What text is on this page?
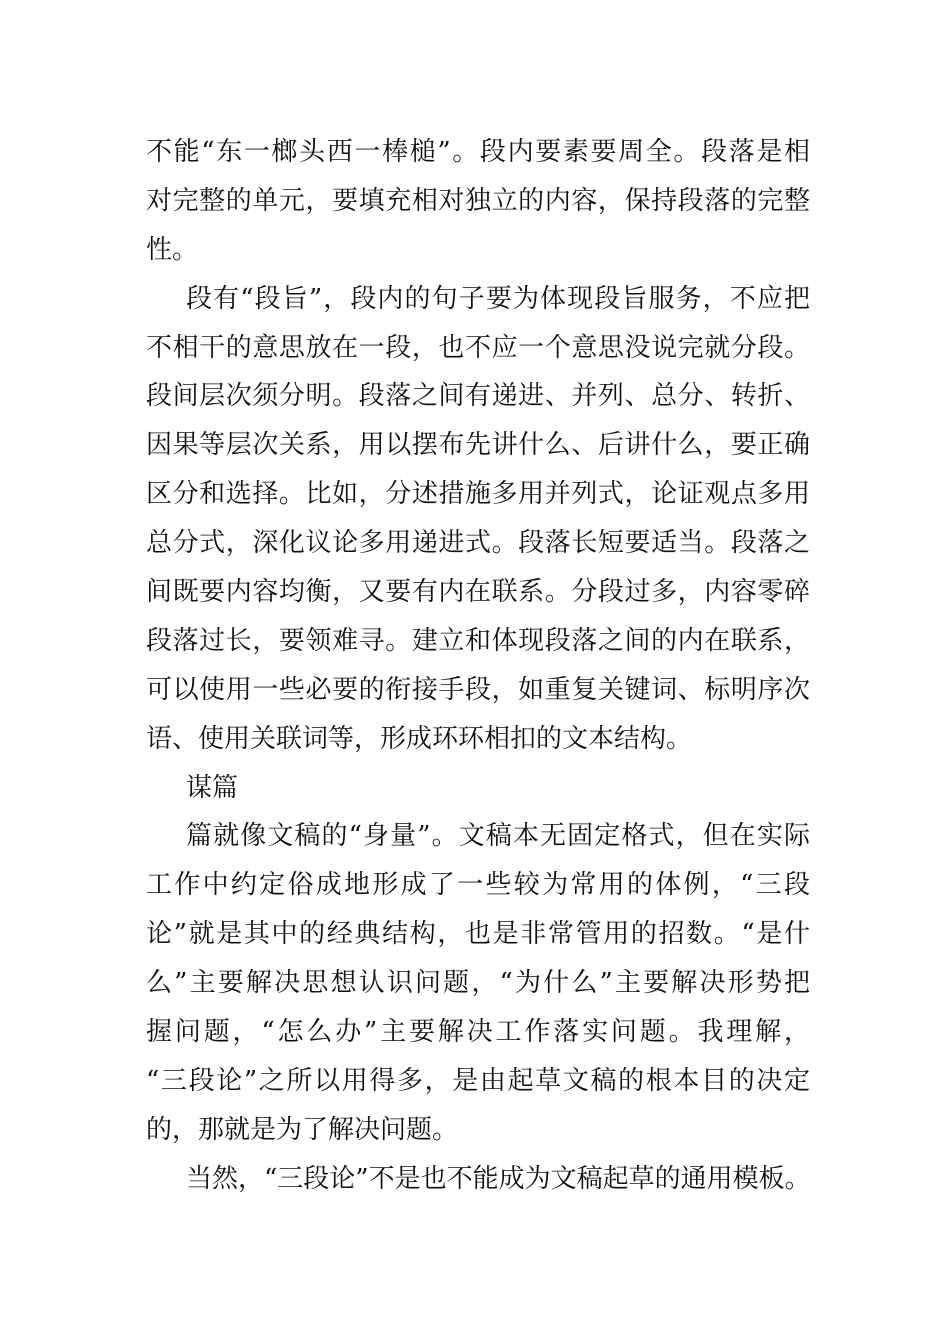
不能“东一榔头西一棒槌”。段内要素要周全。段落是相
对完整的单元，要填充相对独立的内容，保持段落的完整
性。
段有“段旨”，段内的句子要为体现段旨服务，不应把
不相干的意思放在一段，也不应一个意思没说完就分段。
段间层次须分明。段落之间有递进、并列、总分、转折、
因果等层次关系，用以摆布先讲什么、后讲什么，要正确
区分和选择。比如，分述措施多用并列式，论证观点多用
总分式，深化议论多用递进式。段落长短要适当。段落之
间既要内容均衡，又要有内在联系。分段过多，内容零碎
段落过长，要领难寻。建立和体现段落之间的内在联系，
可以使用一些必要的衔接手段，如重复关键词、标明序次
语、使用关联词等，形成环环相扣的文本结构。
谋篇
篇就像文稿的“身量”。文稿本无固定格式，但在实际
工作中约定俗成地形成了一些较为常用的体例，“三段
论”就是其中的经典结构，也是非常管用的招数。“是什
么”主要解决思想认识问题，“为什么”主要解决形势把
握问题，“怎么办”主要解决工作落实问题。我理解，
“三段论”之所以用得多，是由起草文稿的根本目的决定
的，那就是为了解决问题。
当然，“三段论”不是也不能成为文稿起草的通用模板。
